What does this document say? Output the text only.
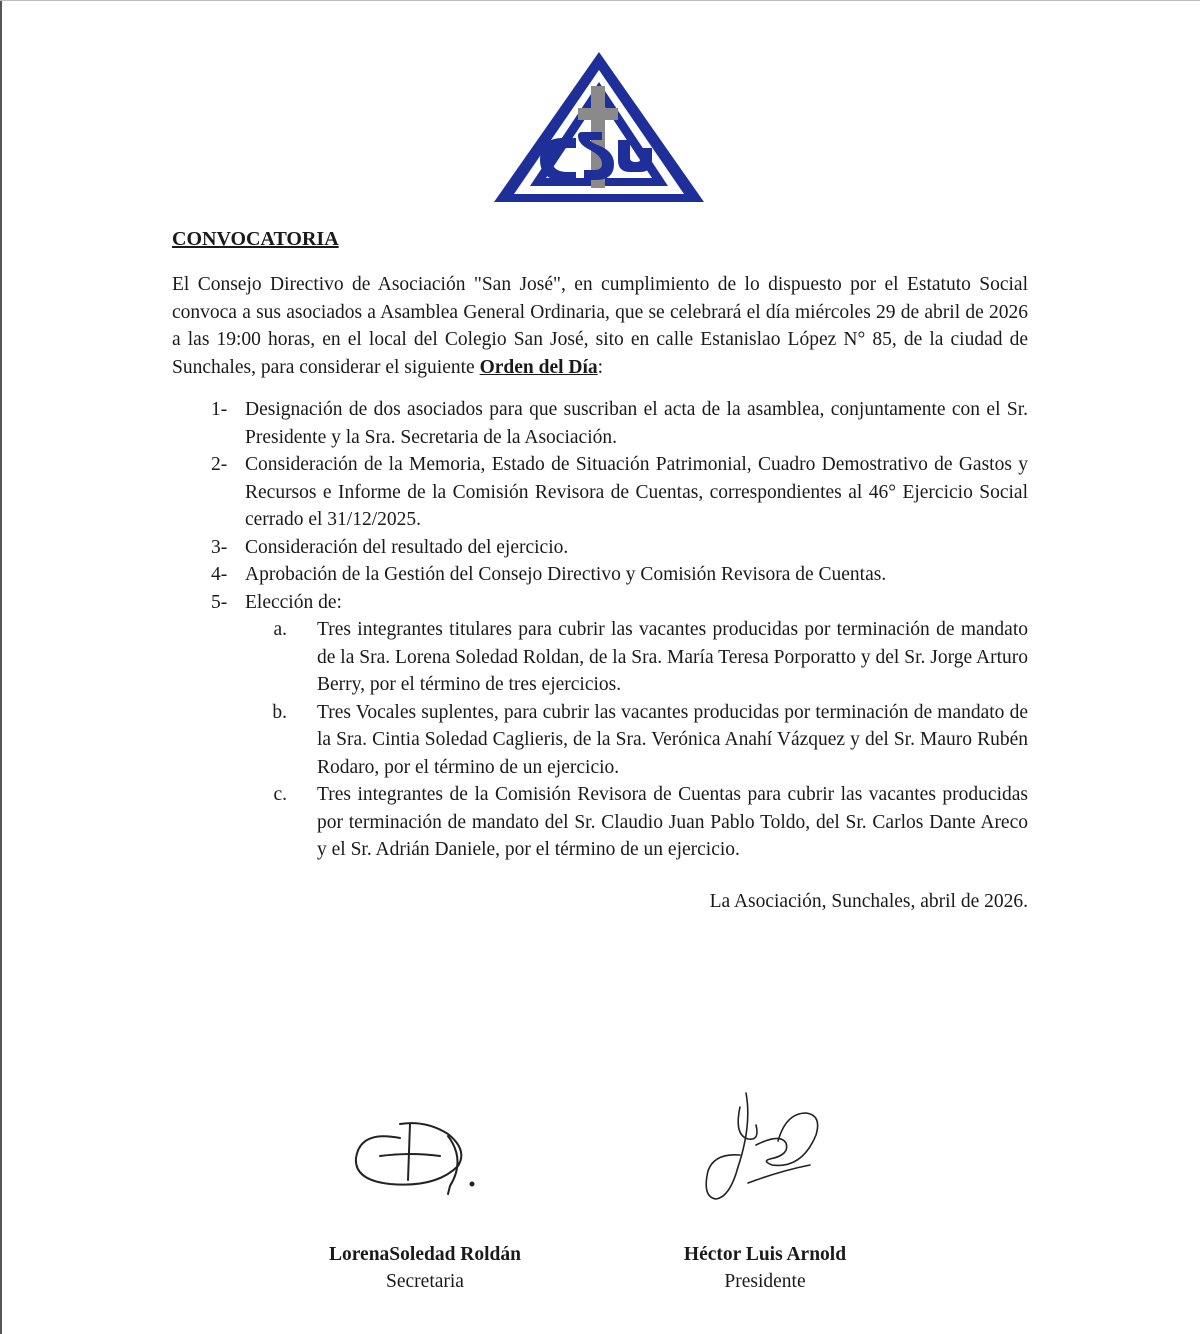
CONVOCATORIA

El Consejo Directivo de Asociación "San José", en cumplimiento de lo dispuesto por el Estatuto Social convoca a sus asociados a Asamblea General Ordinaria, que se celebrará el día miércoles 29 de abril de 2026 a las 19:00 horas, en el local del Colegio San José, sito en calle Estanislao López N° 85, de la ciudad de Sunchales, para considerar el siguiente Orden del Día:

1- Designación de dos asociados para que suscriban el acta de la asamblea, conjuntamente con el Sr. Presidente y la Sra. Secretaria de la Asociación.
2- Consideración de la Memoria, Estado de Situación Patrimonial, Cuadro Demostrativo de Gastos y Recursos e Informe de la Comisión Revisora de Cuentas, correspondientes al 46° Ejercicio Social cerrado el 31/12/2025.
3- Consideración del resultado del ejercicio.
4- Aprobación de la Gestión del Consejo Directivo y Comisión Revisora de Cuentas.
5- Elección de:
a.	Tres integrantes titulares para cubrir las vacantes producidas por terminación de mandato de la Sra. Lorena Soledad Roldan, de la Sra. María Teresa Porporatto y del Sr. Jorge Arturo Berry, por el término de tres ejercicios.
b.	Tres Vocales suplentes, para cubrir las vacantes producidas por terminación de mandato de la Sra. Cintia Soledad Caglieris, de la Sra. Verónica Anahí Vázquez y del Sr. Mauro Rubén Rodaro, por el término de un ejercicio.
c.	Tres integrantes de la Comisión Revisora de Cuentas para cubrir las vacantes producidas por terminación de mandato del Sr. Claudio Juan Pablo Toldo, del Sr. Carlos Dante Areco y el Sr. Adrián Daniele, por el término de un ejercicio.
La Asociación, Sunchales, abril de 2026.
LorenaSoledad Roldán
Secretaria
Héctor Luis Arnold
Presidente
